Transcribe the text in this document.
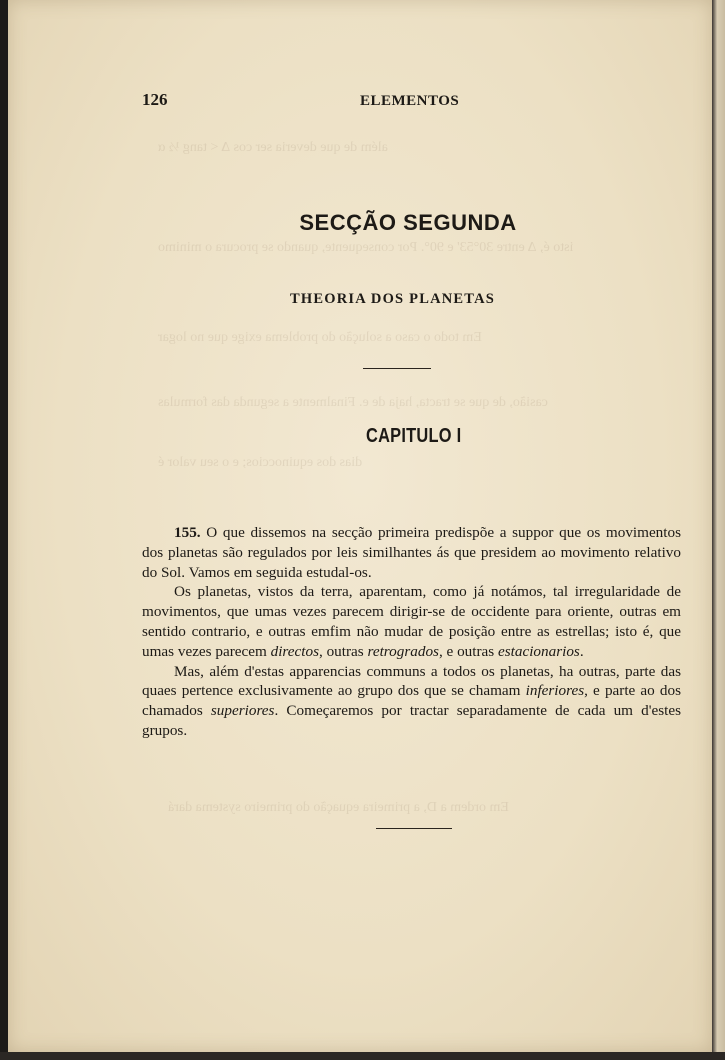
além de que deveria ser cos Δ < tang ½ α
isto é, Δ entre 30°53' e 90°. Por consequente, quando se procura o minimo
Em todo o caso a solução do problema exige que no logar
casião, de que se tracta, haja de e. Finalmente a segunda das formulas
dias dos equinoccios; e o seu valor é
Em ordem a D, a primeira equação do primeiro systema dará
126	ELEMENTOS
SECÇÃO SEGUNDA
THEORIA DOS PLANETAS
CAPITULO I

155. O que dissemos na secção primeira predispõe a suppor que os movimentos dos planetas são regulados por leis similhantes ás que presidem ao movimento relativo do Sol. Vamos em seguida estudal-os.

Os planetas, vistos da terra, aparentam, como já notámos, tal irregularidade de movimentos, que umas vezes parecem dirigir-se de occidente para oriente, outras em sentido contrario, e outras emfim não mudar de posição entre as estrellas; isto é, que umas vezes parecem directos, outras retrogrados, e outras estacionarios.

Mas, além d'estas apparencias communs a todos os planetas, ha outras, parte das quaes pertence exclusivamente ao grupo dos que se chamam inferiores, e parte ao dos chamados superiores. Começaremos por tractar separadamente de cada um d'estes grupos.
